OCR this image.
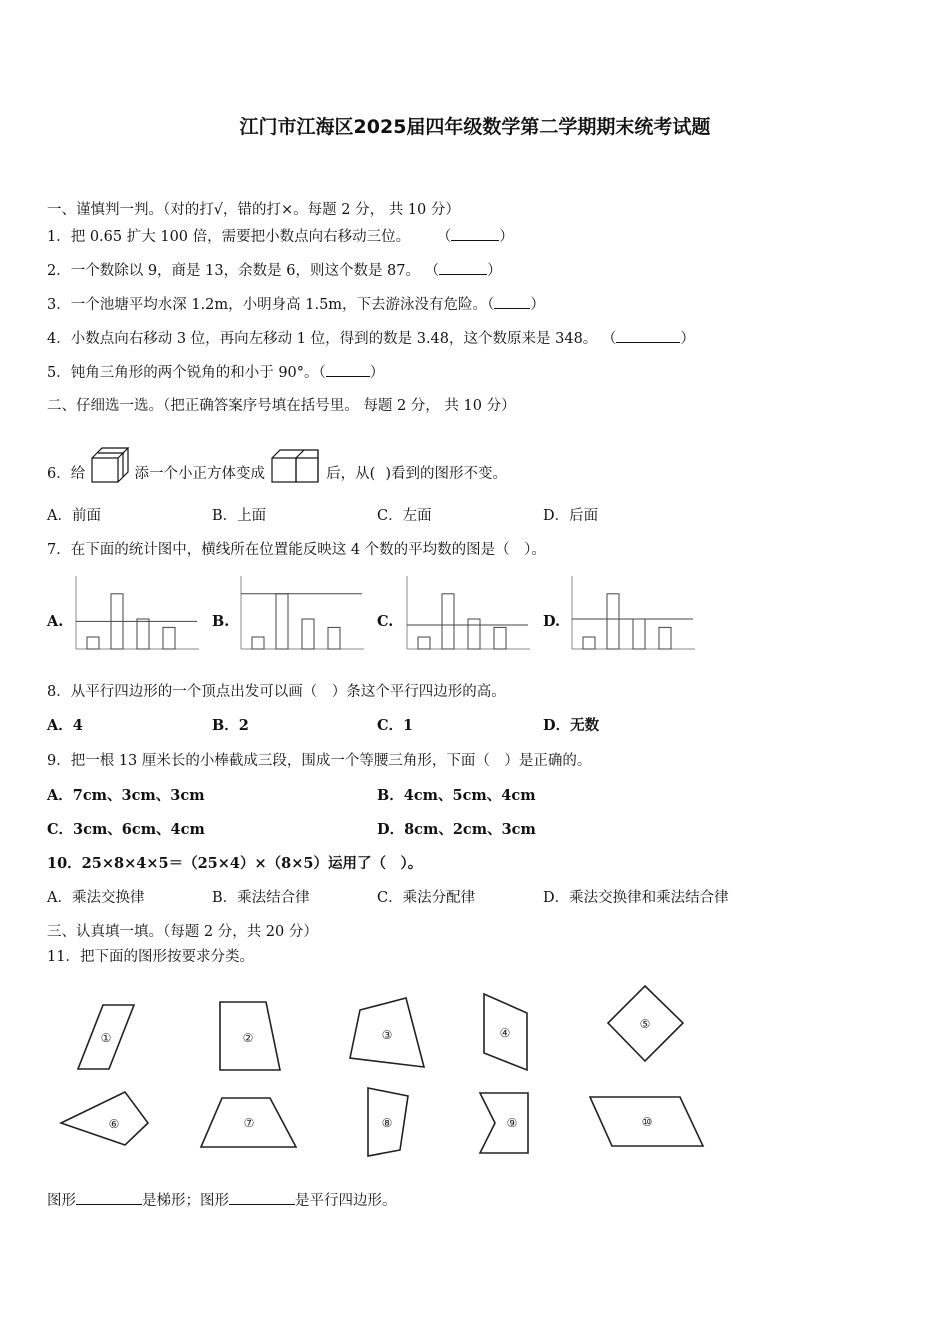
江门市江海区2025届四年级数学第二学期期末统考试题
一、谨慎判一判。（对的打√，错的打×。每题 2 分， 共 10 分）
1．把 0.65 扩大 100 倍，需要把小数点向右移动三位。 （	）
2．一个数除以 9，商是 13，余数是 6，则这个数是 87。 （	）
3．一个池塘平均水深 1.2m，小明身高 1.5m，下去游泳没有危险。（ ）
4．小数点向右移动 3 位，再向左移动 1 位，得到的数是 3.48，这个数原来是 348。 （	）
5．钝角三角形的两个锐角的和小于 90°。（	）
二、仔细选一选。（把正确答案序号填在括号里。 每题 2 分， 共 10 分）
6．给	添一个小正方体变成	后，从( )看到的图形不变。
A．前面	B．上面	C．左面	D．后面
7．在下面的统计图中，横线所在位置能反映这 4 个数的平均数的图是（　）。
A.	B.	C.	D.
8．从平行四边形的一个顶点出发可以画（　）条这个平行四边形的高。
A．4	B．2	C．1	D．无数
9．把一根 13 厘米长的小棒截成三段，围成一个等腰三角形，下面（　）是正确的。
A．7cm、3cm、3cm	B．4cm、5cm、4cm
C．3cm、6cm、4cm	D．8cm、2cm、3cm
10．25×8×4×5＝（25×4）×（8×5）运用了（　）。
A．乘法交换律	B．乘法结合律	C．乘法分配律	D．乘法交换律和乘法结合律
三、认真填一填。（每题 2 分，共 20 分）
11．把下面的图形按要求分类。
①	②	③	④
⑤
⑥	⑦	⑧	⑨	⑩
图形	是梯形；图形	是平行四边形。
